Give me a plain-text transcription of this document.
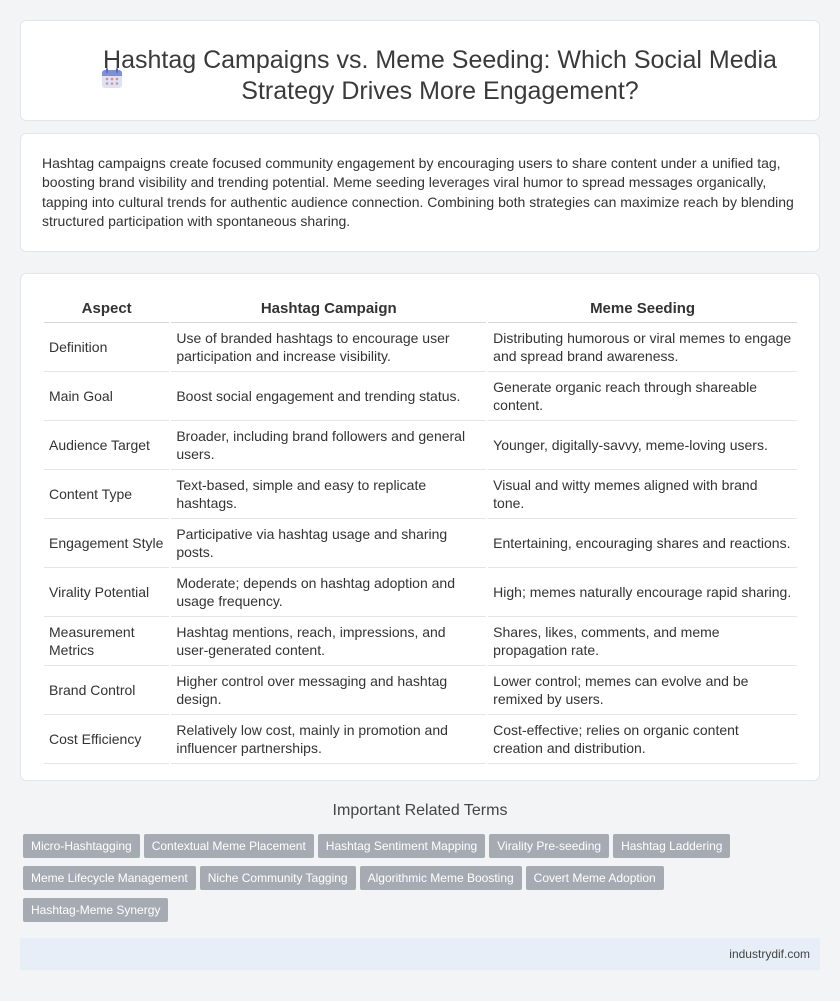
Hashtag Campaigns vs. Meme Seeding: Which Social Media Strategy Drives More Engagement?

Hashtag campaigns create focused community engagement by encouraging users to share content under a unified tag, boosting brand visibility and trending potential. Meme seeding leverages viral humor to spread messages organically, tapping into cultural trends for authentic audience connection. Combining both strategies can maximize reach by blending structured participation with spontaneous sharing.

Aspect	Hashtag Campaign	Meme Seeding
Definition	Use of branded hashtags to encourage user participation and increase visibility.	Distributing humorous or viral memes to engage and spread brand awareness.
Main Goal	Boost social engagement and trending status.	Generate organic reach through shareable content.
Audience Target	Broader, including brand followers and general users.	Younger, digitally-savvy, meme-loving users.
Content Type	Text-based, simple and easy to replicate hashtags.	Visual and witty memes aligned with brand tone.
Engagement Style	Participative via hashtag usage and sharing posts.	Entertaining, encouraging shares and reactions.
Virality Potential	Moderate; depends on hashtag adoption and usage frequency.	High; memes naturally encourage rapid sharing.
Measurement Metrics	Hashtag mentions, reach, impressions, and user-generated content.	Shares, likes, comments, and meme propagation rate.
Brand Control	Higher control over messaging and hashtag design.	Lower control; memes can evolve and be remixed by users.
Cost Efficiency	Relatively low cost, mainly in promotion and influencer partnerships.	Cost-effective; relies on organic content creation and distribution.
Important Related Terms
Micro-Hashtagging Contextual Meme Placement Hashtag Sentiment Mapping Virality Pre-seeding Hashtag Laddering
Meme Lifecycle Management Niche Community Tagging Algorithmic Meme Boosting Covert Meme Adoption
Hashtag-Meme Synergy
industrydif.com
